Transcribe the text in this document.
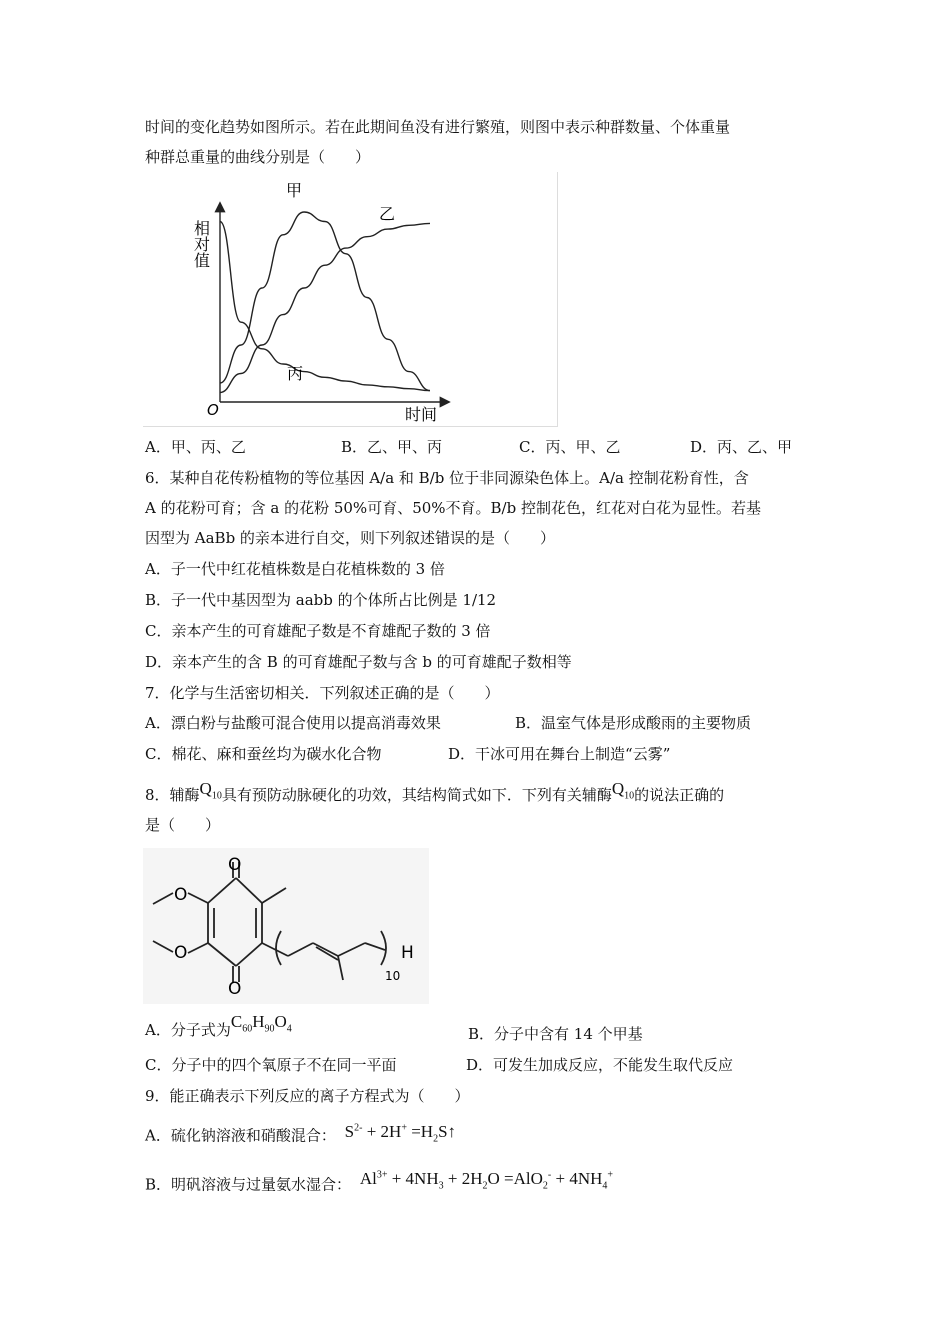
时间的变化趋势如图所示。若在此期间鱼没有进行繁殖，则图中表示种群数量、个体重量
种群总重量的曲线分别是（　　）
相对值
时间
O
甲
乙
丙
A．甲、丙、乙	B．乙、甲、丙	C．丙、甲、乙	D．丙、乙、甲
6．某种自花传粉植物的等位基因 A/a 和 B/b 位于非同源染色体上。A/a 控制花粉育性，含
A 的花粉可育；含 a 的花粉 50%可育、50%不育。B/b 控制花色，红花对白花为显性。若基
因型为 AaBb 的亲本进行自交，则下列叙述错误的是（　　）
A．子一代中红花植株数是白花植株数的 3 倍
B．子一代中基因型为 aabb 的个体所占比例是 1/12
C．亲本产生的可育雄配子数是不育雄配子数的 3 倍
D．亲本产生的含 B 的可育雄配子数与含 b 的可育雄配子数相等
7．化学与生活密切相关．下列叙述正确的是（　　）
A．漂白粉与盐酸可混合使用以提高消毒效果	B．温室气体是形成酸雨的主要物质
C．棉花、麻和蚕丝均为碳水化合物	D．干冰可用在舞台上制造“云雾”
8．辅酶$Q_{10}$具有预防动脉硬化的功效，其结构简式如下．下列有关辅酶$Q_{10}$的说法正确的
是（　　）
O
O
O
O	H
10
A．分子式为$C_{60}H_{90}O_4$	B．分子中含有 14 个甲基
C．分子中的四个氧原子不在同一平面	D．可发生加成反应，不能发生取代反应
9．能正确表示下列反应的离子方程式为（　　）
A．硫化钠溶液和硝酸混合： $S^{2-} + 2H^+$ $=H_2S↑$
B．明矾溶液与过量氨水湿合： $Al^{3+} + 4NH_3 + 2H_2O =AlO_2^- + 4NH_4^+$
